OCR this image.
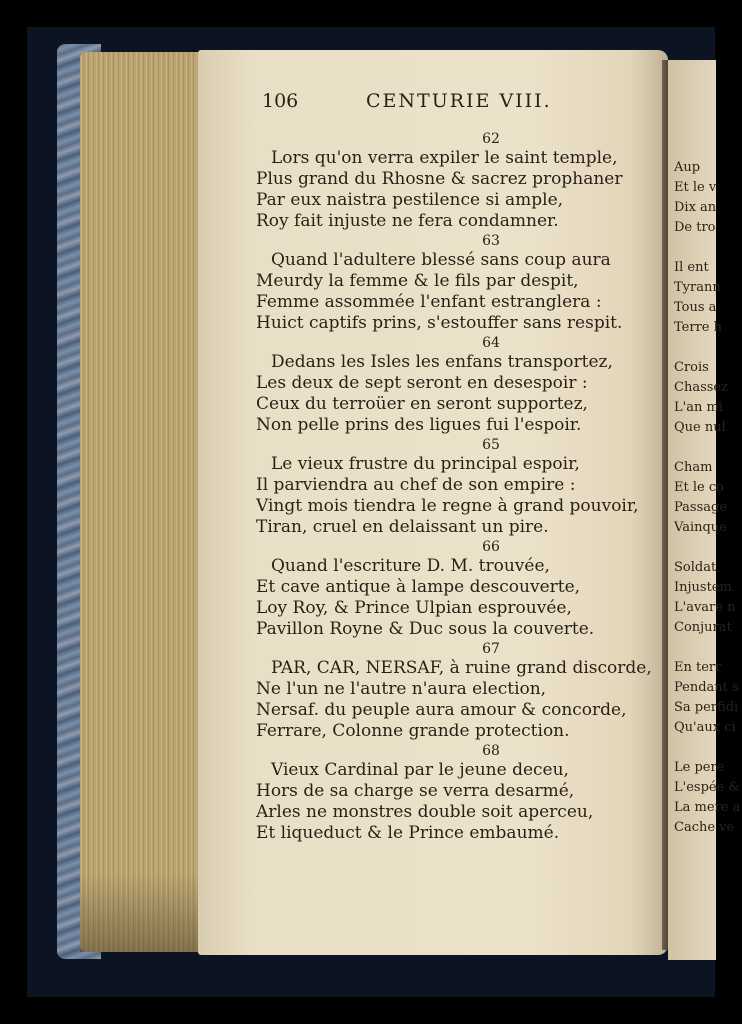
Aup
Et le v
Dix an
De tro
Il ent
Tyrann
Tous a
Terre h
Crois
Chassez
L'an mi
Que nul
Cham
Et le co
Passage
Vainque
Soldat
Injustem
L'avare n
Conjurat
En terr
Pendant s
Sa perfidi
Qu'aux ci
Le pere
L'espée &
La mere a
Cache ve
106	CENTURIE VIII.
62
Lors qu'on verra expiler le saint temple,
Plus grand du Rhosne & sacrez prophaner
Par eux naistra pestilence si ample,
Roy fait injuste ne fera condamner.
63
Quand l'adultere blessé sans coup aura
Meurdy la femme & le fils par despit,
Femme assommée l'enfant estranglera :
Huict captifs prins, s'estouffer sans respit.
64
Dedans les Isles les enfans transportez,
Les deux de sept seront en desespoir :
Ceux du terroüer en seront supportez,
Non pelle prins des ligues fui l'espoir.
65
Le vieux frustre du principal espoir,
Il parviendra au chef de son empire :
Vingt mois tiendra le regne à grand pouvoir,
Tiran, cruel en delaissant un pire.
66
Quand l'escriture D. M. trouvée,
Et cave antique à lampe descouverte,
Loy Roy, & Prince Ulpian esprouvée,
Pavillon Royne & Duc sous la couverte.
67
PAR, CAR, NERSAF, à ruine grand discorde,
Ne l'un ne l'autre n'aura election,
Nersaf. du peuple aura amour & concorde,
Ferrare, Colonne grande protection.
68
Vieux Cardinal par le jeune deceu,
Hors de sa charge se verra desarmé,
Arles ne monstres double soit aperceu,
Et liqueduct & le Prince embaumé.
